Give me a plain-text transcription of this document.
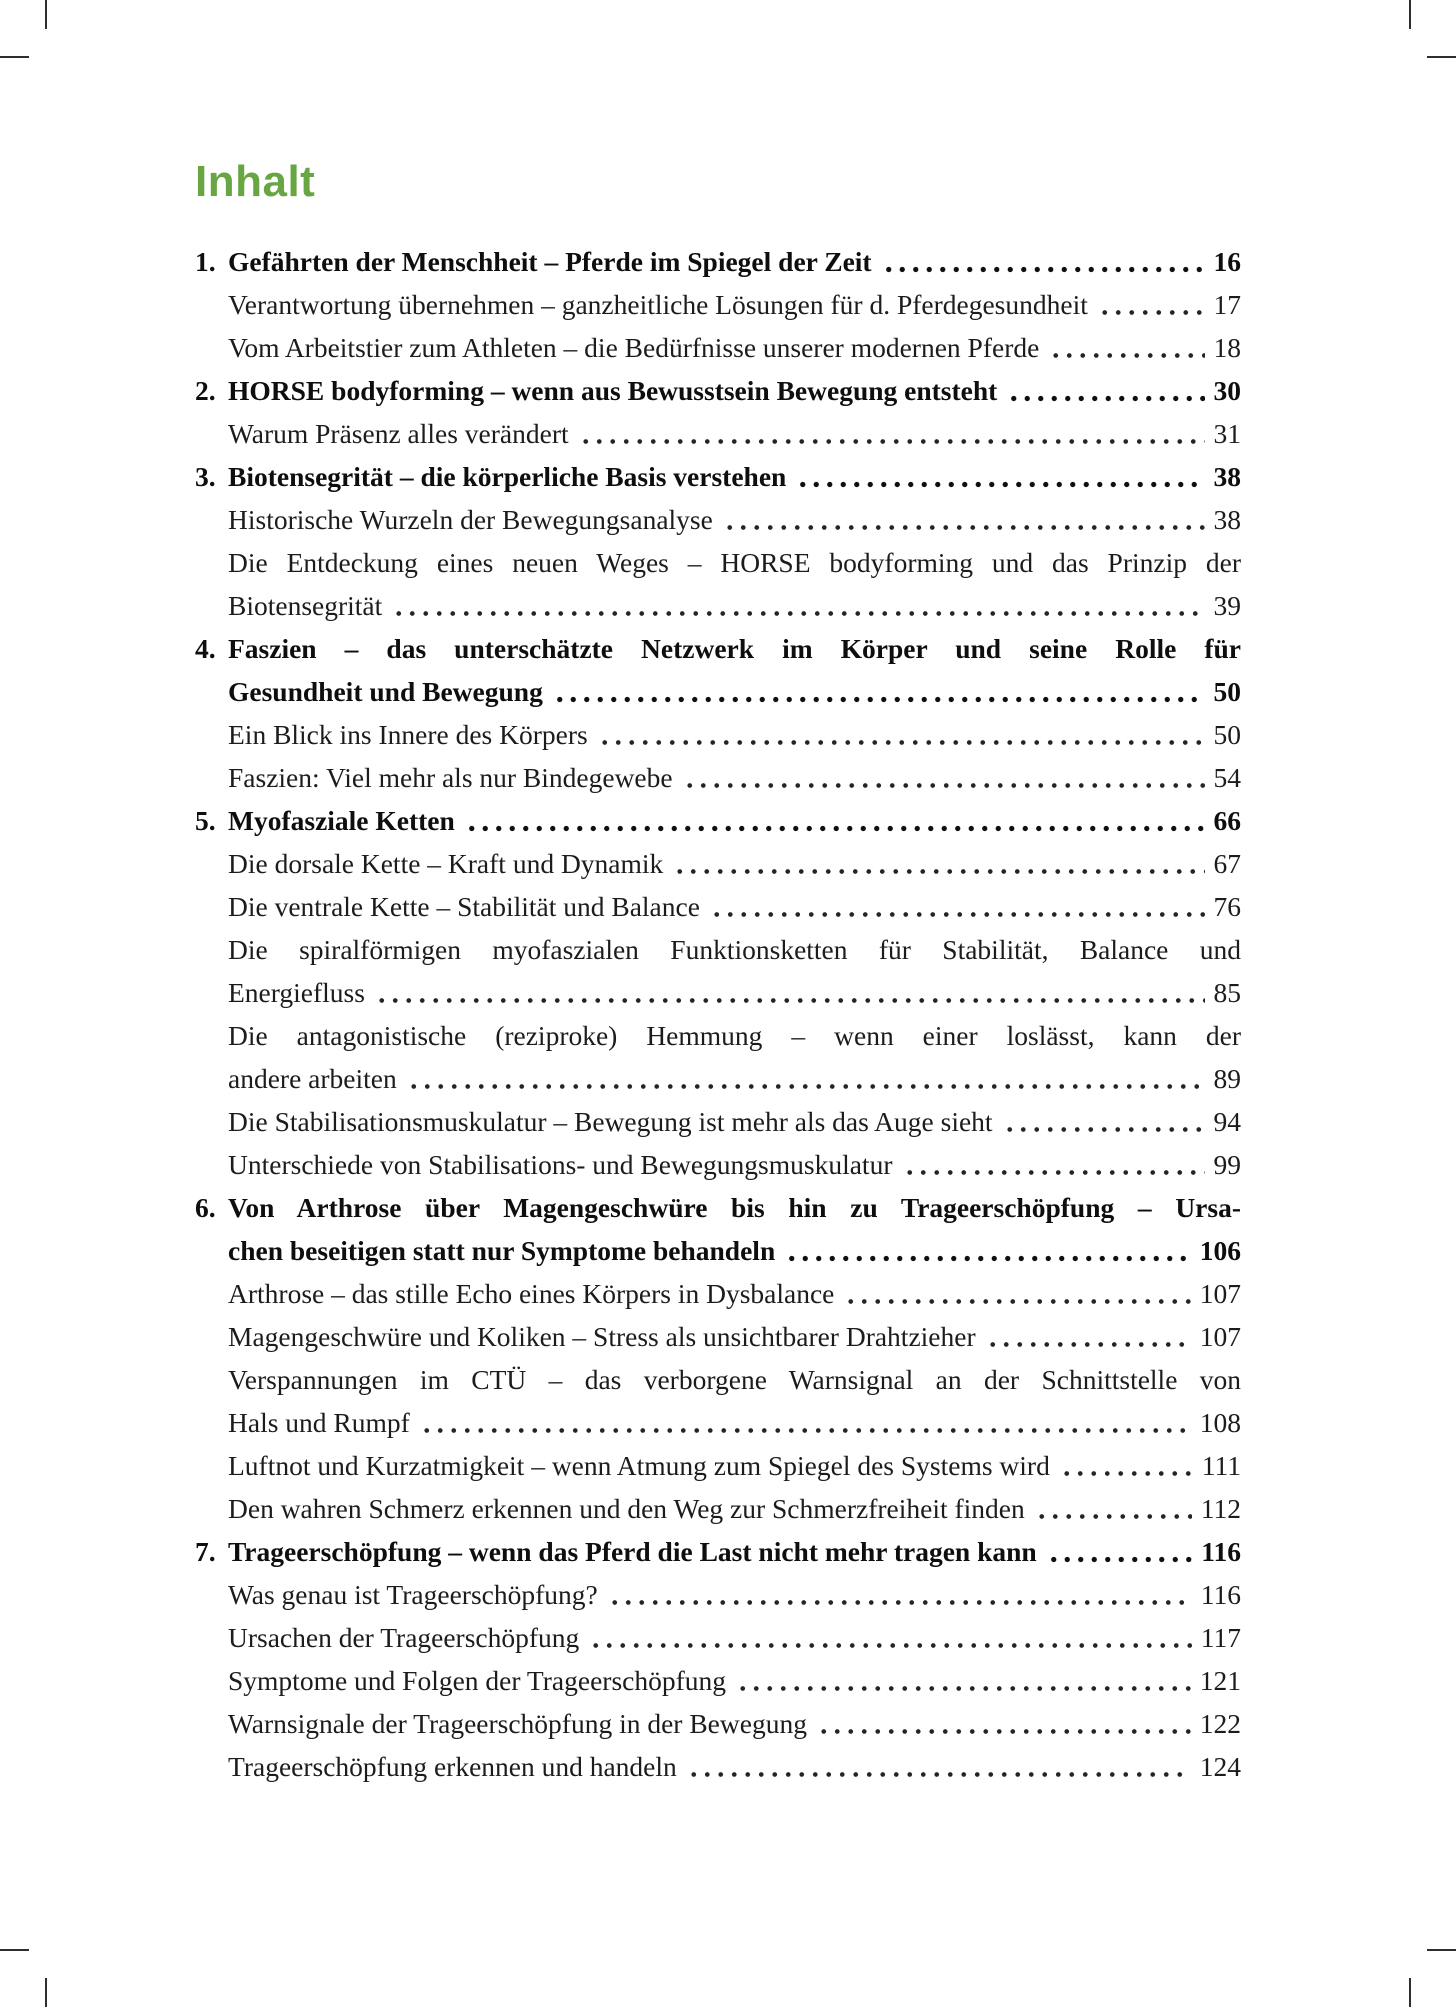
Inhalt
1. Gefährten der Menschheit – Pferde im Spiegel der Zeit	16
Verantwortung übernehmen – ganzheitliche Lösungen für d. Pferdegesundheit	17
Vom Arbeitstier zum Athleten – die Bedürfnisse unserer modernen Pferde	18
2. HORSE bodyforming – wenn aus Bewusstsein Bewegung entsteht	30
Warum Präsenz alles verändert	31
3. Biotensegrität – die körperliche Basis verstehen	38
Historische Wurzeln der Bewegungsanalyse	38
Die Entdeckung eines neuen Weges – HORSE bodyforming und das Prinzip der
Biotensegrität	39
4. Faszien – das unterschätzte Netzwerk im Körper und seine Rolle für
Gesundheit und Bewegung	50
Ein Blick ins Innere des Körpers	50
Faszien: Viel mehr als nur Bindegewebe	54
5. Myofasziale Ketten	66
Die dorsale Kette – Kraft und Dynamik	67
Die ventrale Kette – Stabilität und Balance	76
Die spiralförmigen myofaszialen Funktionsketten für Stabilität, Balance und
Energiefluss	85
Die antagonistische (reziproke) Hemmung – wenn einer loslässt, kann der
andere arbeiten	89
Die Stabilisationsmuskulatur – Bewegung ist mehr als das Auge sieht	94
Unterschiede von Stabilisations- und Bewegungsmuskulatur	99
6. Von Arthrose über Magengeschwüre bis hin zu Trageerschöpfung – Ursa-
chen beseitigen statt nur Symptome behandeln	106
Arthrose – das stille Echo eines Körpers in Dysbalance	107
Magengeschwüre und Koliken – Stress als unsichtbarer Drahtzieher	107
Verspannungen im CTÜ – das verborgene Warnsignal an der Schnittstelle von
Hals und Rumpf	108
Luftnot und Kurzatmigkeit – wenn Atmung zum Spiegel des Systems wird	111
Den wahren Schmerz erkennen und den Weg zur Schmerzfreiheit finden	112
7. Trageerschöpfung – wenn das Pferd die Last nicht mehr tragen kann	116
Was genau ist Trageerschöpfung?	116
Ursachen der Trageerschöpfung	117
Symptome und Folgen der Trageerschöpfung	121
Warnsignale der Trageerschöpfung in der Bewegung	122
Trageerschöpfung erkennen und handeln	124
